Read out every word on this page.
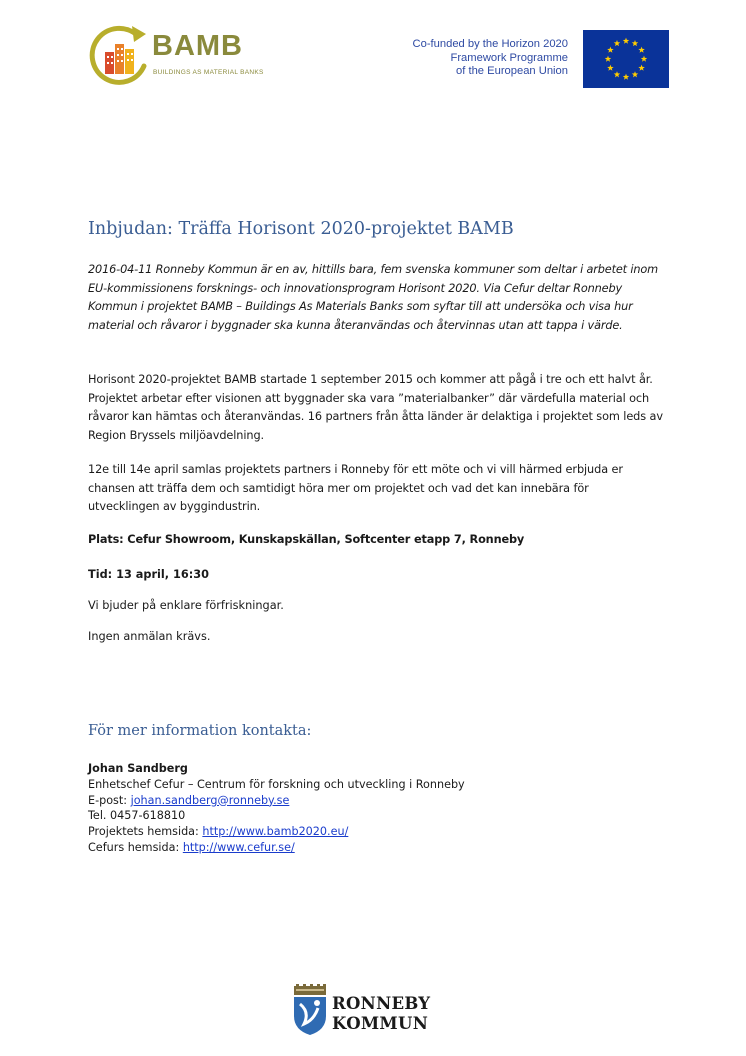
BAMB
BUILDINGS AS MATERIAL BANKS
Co-funded by the Horizon 2020
Framework Programme
of the European Union
Inbjudan: Träffa Horisont 2020-projektet BAMB
2016-04-11 Ronneby Kommun är en av, hittills bara, fem svenska kommuner som deltar i arbetet inom EU-kommissionens forsknings- och innovationsprogram Horisont 2020. Via Cefur deltar Ronneby Kommun i projektet BAMB – Buildings As Materials Banks som syftar till att undersöka och visa hur material och råvaror i byggnader ska kunna återanvändas och återvinnas utan att tappa i värde.
Horisont 2020-projektet BAMB startade 1 september 2015 och kommer att pågå i tre och ett halvt år. Projektet arbetar efter visionen att byggnader ska vara ”materialbanker” där värdefulla material och råvaror kan hämtas och återanvändas. 16 partners från åtta länder är delaktiga i projektet som leds av Region Bryssels miljöavdelning.
12e till 14e april samlas projektets partners i Ronneby för ett möte och vi vill härmed erbjuda er chansen att träffa dem och samtidigt höra mer om projektet och vad det kan innebära för utvecklingen av byggindustrin.
Plats: Cefur Showroom, Kunskapskällan, Softcenter etapp 7, Ronneby
Tid: 13 april, 16:30
Vi bjuder på enklare förfriskningar.
Ingen anmälan krävs.
För mer information kontakta:
Johan Sandberg
Enhetschef Cefur – Centrum för forskning och utveckling i Ronneby
E-post: johan.sandberg@ronneby.se
Tel. 0457-618810
Projektets hemsida: http://www.bamb2020.eu/
Cefurs hemsida: http://www.cefur.se/
RONNEBY
KOMMUN
